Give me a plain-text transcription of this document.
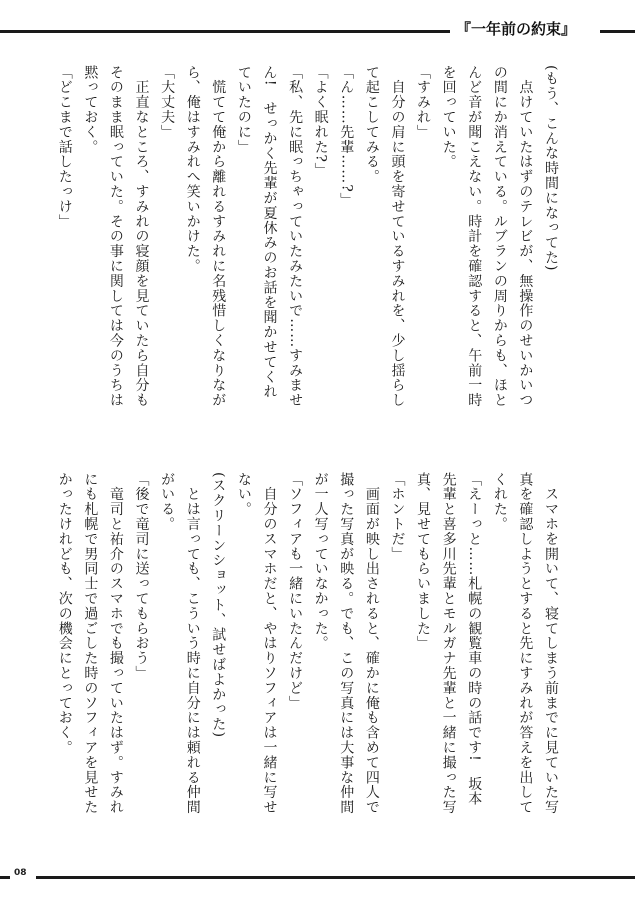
『一年前の約束』
(もう、こんな時間になってた)
　点けていたはずのテレビが、無操作のせいかいつ
の間にか消えている。ルブランの周りからも、ほと
んど音が聞こえない。時計を確認すると、午前一時
を回っていた。
「すみれ」
　自分の肩に頭を寄せているすみれを、少し揺らし
て起こしてみる。
「ん……先輩……?」
「よく眠れた?」
「私、先に眠っちゃっていたみたいで……すみませ
ん!　せっかく先輩が夏休みのお話を聞かせてくれ
ていたのに」
　慌てて俺から離れるすみれに名残惜しくなりなが
ら、俺はすみれへ笑いかけた。
「大丈夫」
　正直なところ、すみれの寝顔を見ていたら自分も
そのまま眠っていた。その事に関しては今のうちは
黙っておく。
「どこまで話したっけ」
　スマホを開いて、寝てしまう前までに見ていた写
真を確認しようとすると先にすみれが答えを出して
くれた。
「えーっと……札幌の観覧車の時の話です!　坂本
先輩と喜多川先輩とモルガナ先輩と一緒に撮った写
真、見せてもらいました」
「ホントだ」
　画面が映し出されると、確かに俺も含めて四人で
撮った写真が映る。でも、この写真には大事な仲間
が一人写っていなかった。
「ソフィアも一緒にいたんだけど」
　自分のスマホだと、やはりソフィアは一緒に写せ
ない。
(スクリーンショット、試せばよかった)
　とは言っても、こういう時に自分には頼れる仲間
がいる。
「後で竜司に送ってもらおう」
　竜司と祐介のスマホでも撮っていたはず。すみれ
にも札幌で男同士で過ごした時のソフィアを見せた
かったけれども、次の機会にとっておく。
08
